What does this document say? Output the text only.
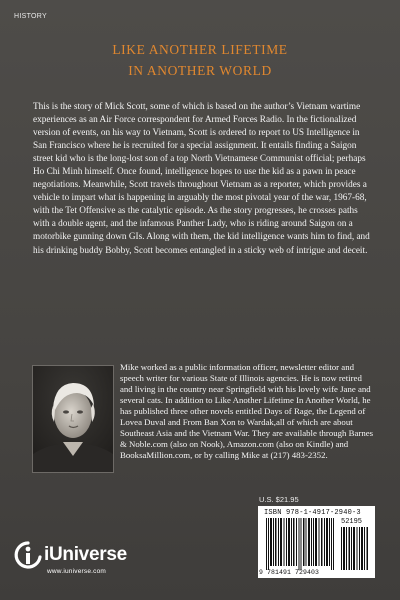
HISTORY
LIKE ANOTHER LIFETIME
IN ANOTHER WORLD

This is the story of Mick Scott, some of which is based on the author’s Vietnam wartime experiences as an Air Force correspondent for Armed Forces Radio. In the fictionalized version of events, on his way to Vietnam, Scott is ordered to report to US Intelligence in San Francisco where he is recruited for a special assignment. It entails finding a Saigon street kid who is the long-lost son of a top North Vietnamese Communist official; perhaps Ho Chi Minh himself. Once found, intelligence hopes to use the kid as a pawn in peace negotiations. Meanwhile, Scott travels throughout Vietnam as a reporter, which provides a vehicle to impart what is happening in arguably the most pivotal year of the war, 1967-68, with the Tet Offensive as the catalytic episode. As the story progresses, he crosses paths with a double agent, and the infamous Panther Lady, who is riding around Saigon on a motorbike gunning down GIs. Along with them, the kid intelligence wants him to find, and his drinking buddy Bobby, Scott becomes entangled in a sticky web of intrigue and deceit.

Mike worked as a public information officer, newsletter editor and speech writer for various State of Illinois agencies. He is now retired and living in the country near Springfield with his lovely wife Jane and several cats. In addition to Like Another Lifetime In Another World, he has published three other novels entitled Days of Rage, the Legend of Lovea Duval and From Ban Xon to Wardak,all of which are about Southeast Asia and the Vietnam War. They are available through Barnes & Noble.com (also on Nook), Amazon.com (also on Kindle) and BooksaMillion.com, or by calling Mike at (217) 483-2352.

U.S. $21.95
ISBN 978-1-4917-2940-3
52195
9 781491 729403
iUniverse
www.iuniverse.com
